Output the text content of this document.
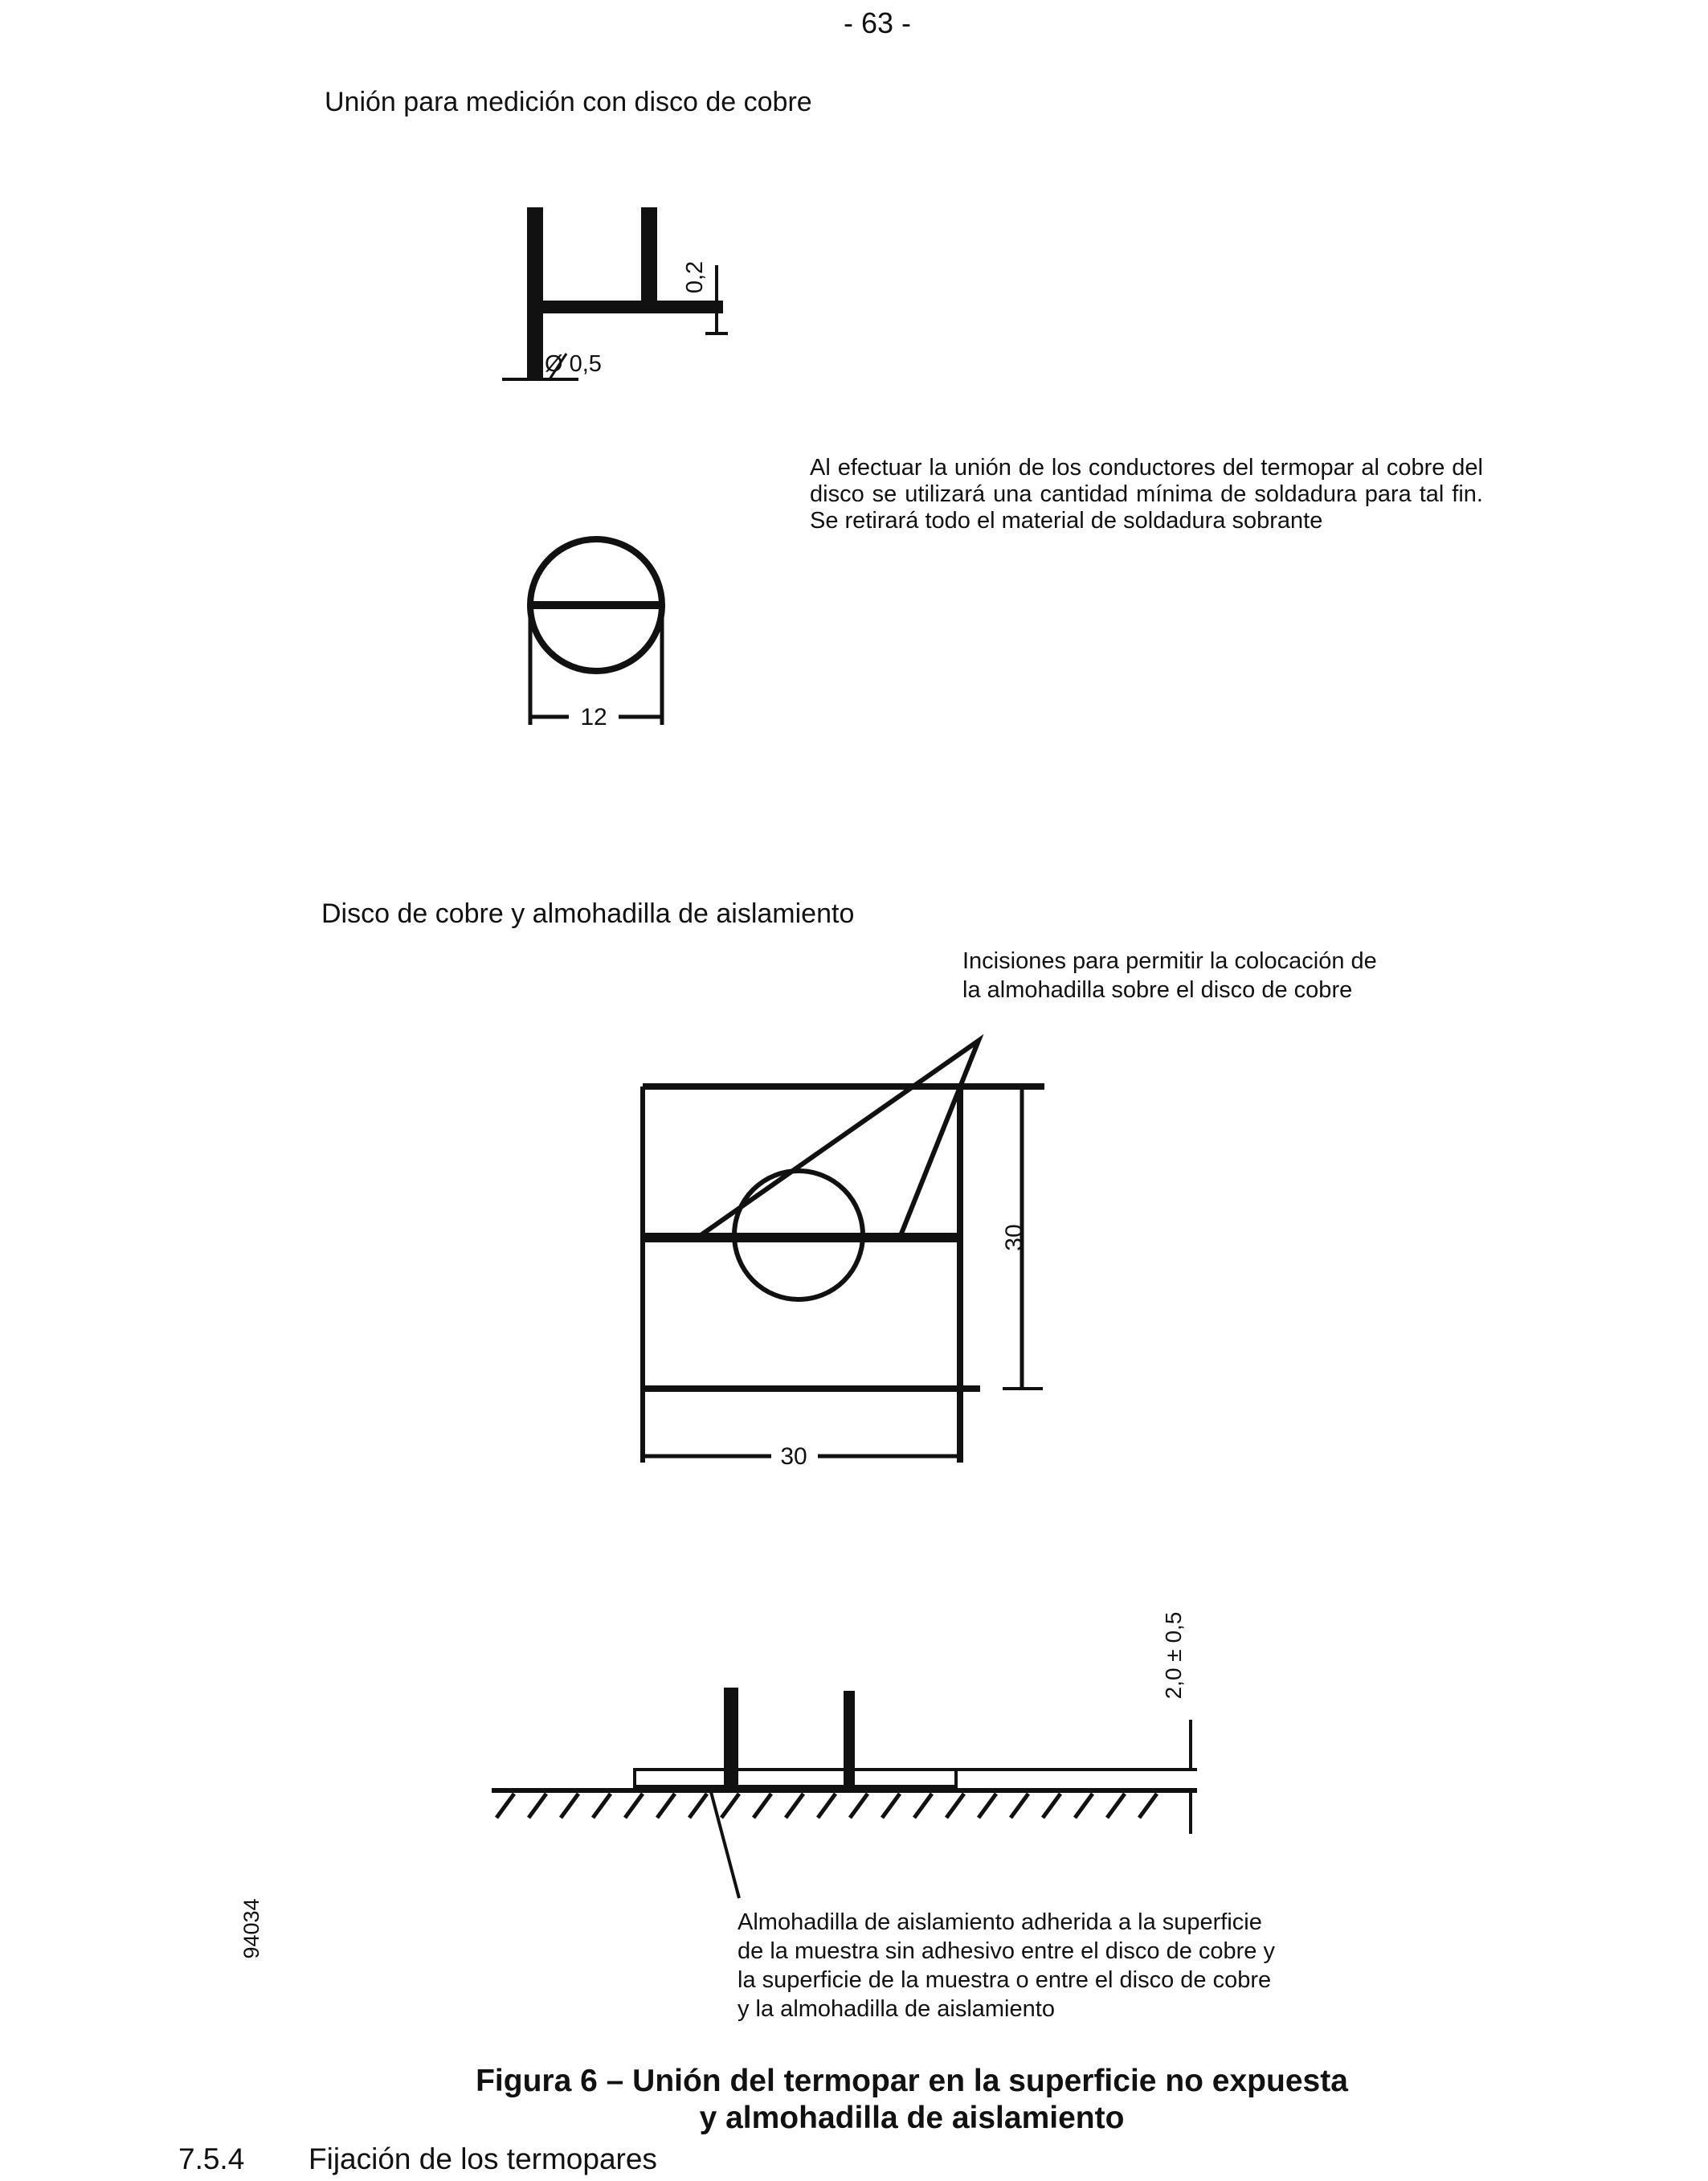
- 63 -
Unión para medición con disco de cobre
Al efectuar la unión de los conductores del termopar al cobre del disco se utilizará una cantidad mínima de soldadura para tal fin. Se retirará todo el material de soldadura sobrante
Disco de cobre y almohadilla de aislamiento
Incisiones para permitir la colocación de
la almohadilla sobre el disco de cobre
Almohadilla de aislamiento adherida a la superficie
de la muestra sin adhesivo entre el disco de cobre y
la superficie de la muestra o entre el disco de cobre
y la almohadilla de aislamiento
Figura 6 – Unión del termopar en la superficie no expuesta
y almohadilla de aislamiento
7.5.4 Fijación de los termopares
0,2
Ø 0,5
12
30
30
2,0 ± 0,5
94034
